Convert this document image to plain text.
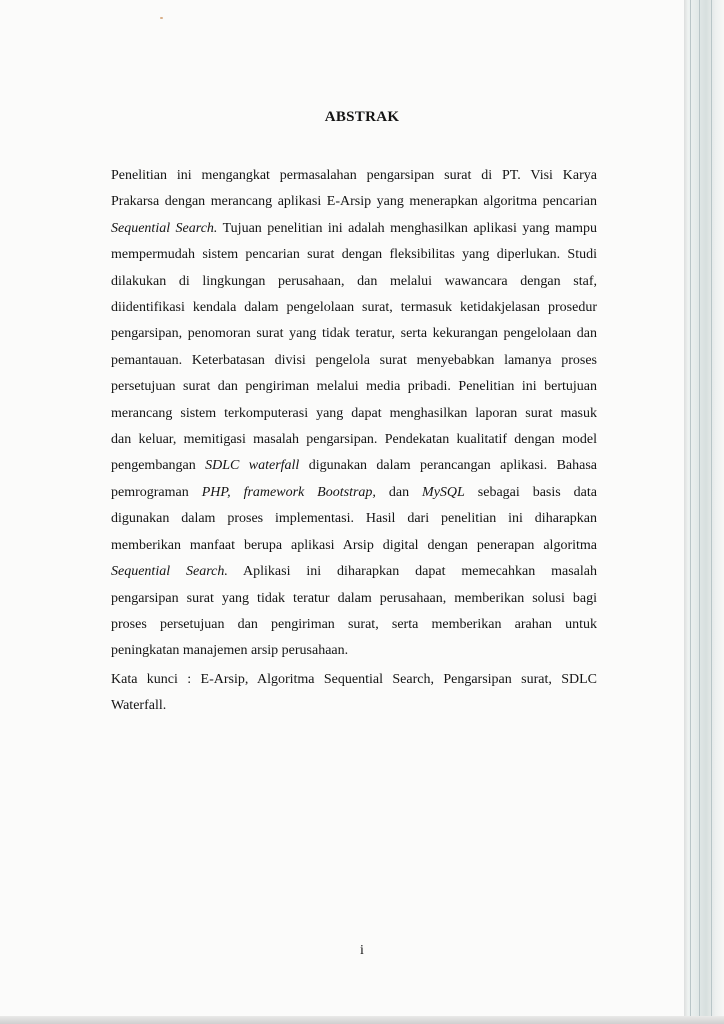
ABSTRAK
Penelitian ini mengangkat permasalahan pengarsipan surat di PT. Visi Karya
Prakarsa dengan merancang aplikasi E-Arsip yang menerapkan algoritma pencarian
Sequential Search. Tujuan penelitian ini adalah menghasilkan aplikasi yang mampu
mempermudah sistem pencarian surat dengan fleksibilitas yang diperlukan. Studi
dilakukan di lingkungan perusahaan, dan melalui wawancara dengan staf,
diidentifikasi kendala dalam pengelolaan surat, termasuk ketidakjelasan prosedur
pengarsipan, penomoran surat yang tidak teratur, serta kekurangan pengelolaan dan
pemantauan. Keterbatasan divisi pengelola surat menyebabkan lamanya proses
persetujuan surat dan pengiriman melalui media pribadi. Penelitian ini bertujuan
merancang sistem terkomputerasi yang dapat menghasilkan laporan surat masuk
dan keluar, memitigasi masalah pengarsipan. Pendekatan kualitatif dengan model
pengembangan SDLC waterfall digunakan dalam perancangan aplikasi. Bahasa
pemrograman PHP, framework Bootstrap, dan MySQL sebagai basis data
digunakan dalam proses implementasi. Hasil dari penelitian ini diharapkan
memberikan manfaat berupa aplikasi Arsip digital dengan penerapan algoritma
Sequential Search. Aplikasi ini diharapkan dapat memecahkan masalah
pengarsipan surat yang tidak teratur dalam perusahaan, memberikan solusi bagi
proses persetujuan dan pengiriman surat, serta memberikan arahan untuk
peningkatan manajemen arsip perusahaan.
Kata kunci : E-Arsip, Algoritma Sequential Search, Pengarsipan surat, SDLC
Waterfall.
i
